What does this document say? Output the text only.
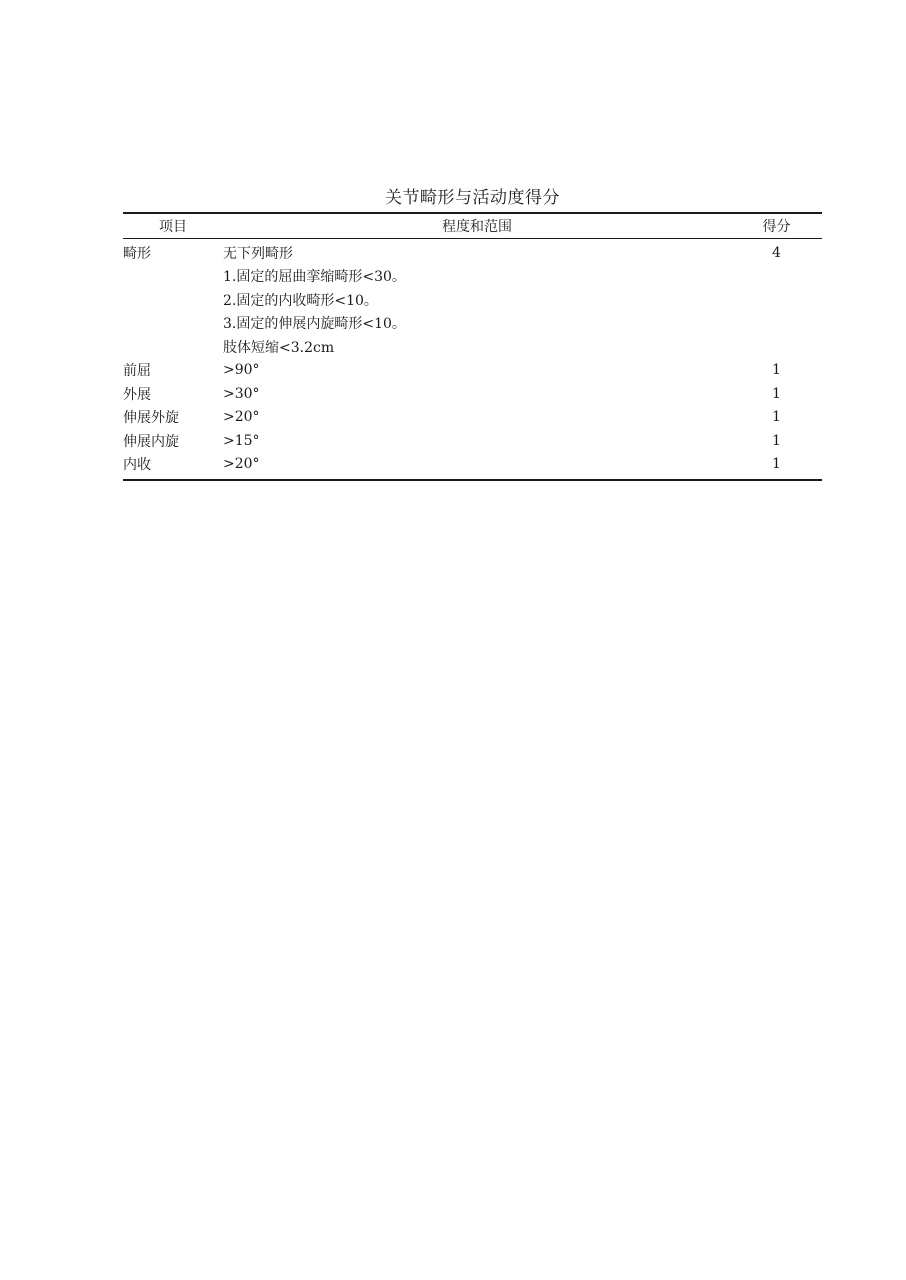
关节畸形与活动度得分
项目	程度和范围	得分
畸形	无下列畸形	4
	1.固定的屈曲挛缩畸形<30。	
	2.固定的内收畸形<10。	
	3.固定的伸展内旋畸形<10。	
	肢体短缩<3.2cm	
前屈	>90°	1
外展	>30°	1
伸展外旋	>20°	1
伸展内旋	>15°	1
内收	>20°	1
